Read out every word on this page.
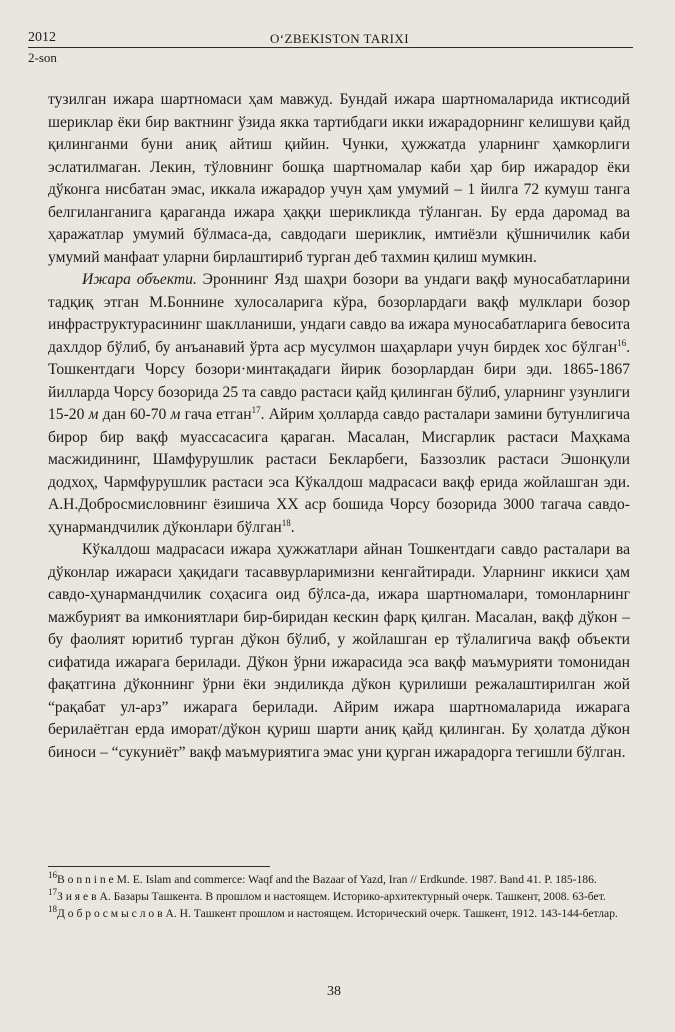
2012	O‘ZBEKISTON TARIXI
2-son

тузилган ижара шартномаси ҳам мавжуд. Бундай ижара шартномаларида иктисодий шериклар ёки бир вактнинг ўзида якка тартибдаги икки ижарадорнинг келишуви қайд қилинганми буни аниқ айтиш қийин. Чунки, ҳужжатда уларнинг ҳамкорлиги эслатилмаган. Лекин, тўловнинг бошқа шартномалар каби ҳар бир ижарадор ёки дўконга нисбатан эмас, иккала ижарадор учун ҳам умумий – 1 йилга 72 кумуш танга белгиланганига қараганда ижара ҳаққи шерикликда тўланган. Бу ерда даромад ва ҳаражатлар умумий бўлмаса-да, савдодаги шериклик, имтиёзли қўшничилик каби умумий манфаат уларни бирлаштириб турган деб тахмин қилиш мумкин.

Ижара объекти. Эроннинг Язд шаҳри бозори ва ундаги вақф муносабатларини тадқиқ этган М.Боннине хулосаларига кўра, бозорлардаги вақф мулклари бозор инфраструктурасининг шаклланиши, ундаги савдо ва ижара муносабатларига бевосита дахлдор бўлиб, бу анъанавий ўрта аср мусулмон шаҳарлари учун бирдек хос бўлган$^{16}$. Тошкентдаги Чорсу бозори·минтақадаги йирик бозорлардан бири эди. 1865-1867 йилларда Чорсу бозорида 25 та савдо растаси қайд қилинган бўлиб, уларнинг узунлиги 15-20 м дан 60-70 м гача етган$^{17}$. Айрим ҳолларда савдо расталари замини бутунлигича бирор бир вақф муассасасига қараган. Масалан, Мисгарлик растаси Маҳкама масжидининг, Шамфурушлик растаси Бекларбеги, Баззозлик растаси Эшонқули додхоҳ, Чармфурушлик растаси эса Кўкалдош мадрасаси вақф ерида жойлашган эди. А.Н.Добросмисловнинг ёзишича ХХ аср бошида Чорсу бозорида 3000 тагача савдо-ҳунармандчилик дўконлари бўлган$^{18}$.

Кўкалдош мадрасаси ижара ҳужжатлари айнан Тошкентдаги савдо расталари ва дўконлар ижараси ҳақидаги тасаввурларимизни кенгайтиради. Уларнинг иккиси ҳам савдо-ҳунармандчилик соҳасига оид бўлса-да, ижара шартномалари, томонларнинг мажбурият ва имкониятлари бир-биридан кескин фарқ қилган. Масалан, вақф дўкон – бу фаолият юритиб турган дўкон бўлиб, у жойлашган ер тўлалигича вақф объекти сифатида ижарага берилади. Дўкон ўрни ижарасида эса вақф маъмурияти томонидан фақатгина дўконнинг ўрни ёки эндиликда дўкон қурилиши режалаштирилган жой “рақабат ул-арз” ижарага берилади. Айрим ижара шартномаларида ижарага берилаётган ерда иморат/дўкон қуриш шарти аниқ қайд қилинган. Бу ҳолатда дўкон биноси – “сукуниёт” вақф маъмуриятига эмас уни қурган ижарадорга тегишли бўлган.

$^{16}$B o n n i n e M. E. Islam and commerce: Waqf and the Bazaar of Yazd, Iran // Erdkunde. 1987. Band 41. P. 185-186.

$^{17}$З и я е в А. Базары Ташкента. В прошлом и настоящем. Историко-архитектурный очерк. Ташкент, 2008. 63-бет.

$^{18}$Д о б р о с м ы с л о в А. Н. Ташкент прошлом и настоящем. Исторический очерк. Ташкент, 1912. 143-144-бетлар.

38
